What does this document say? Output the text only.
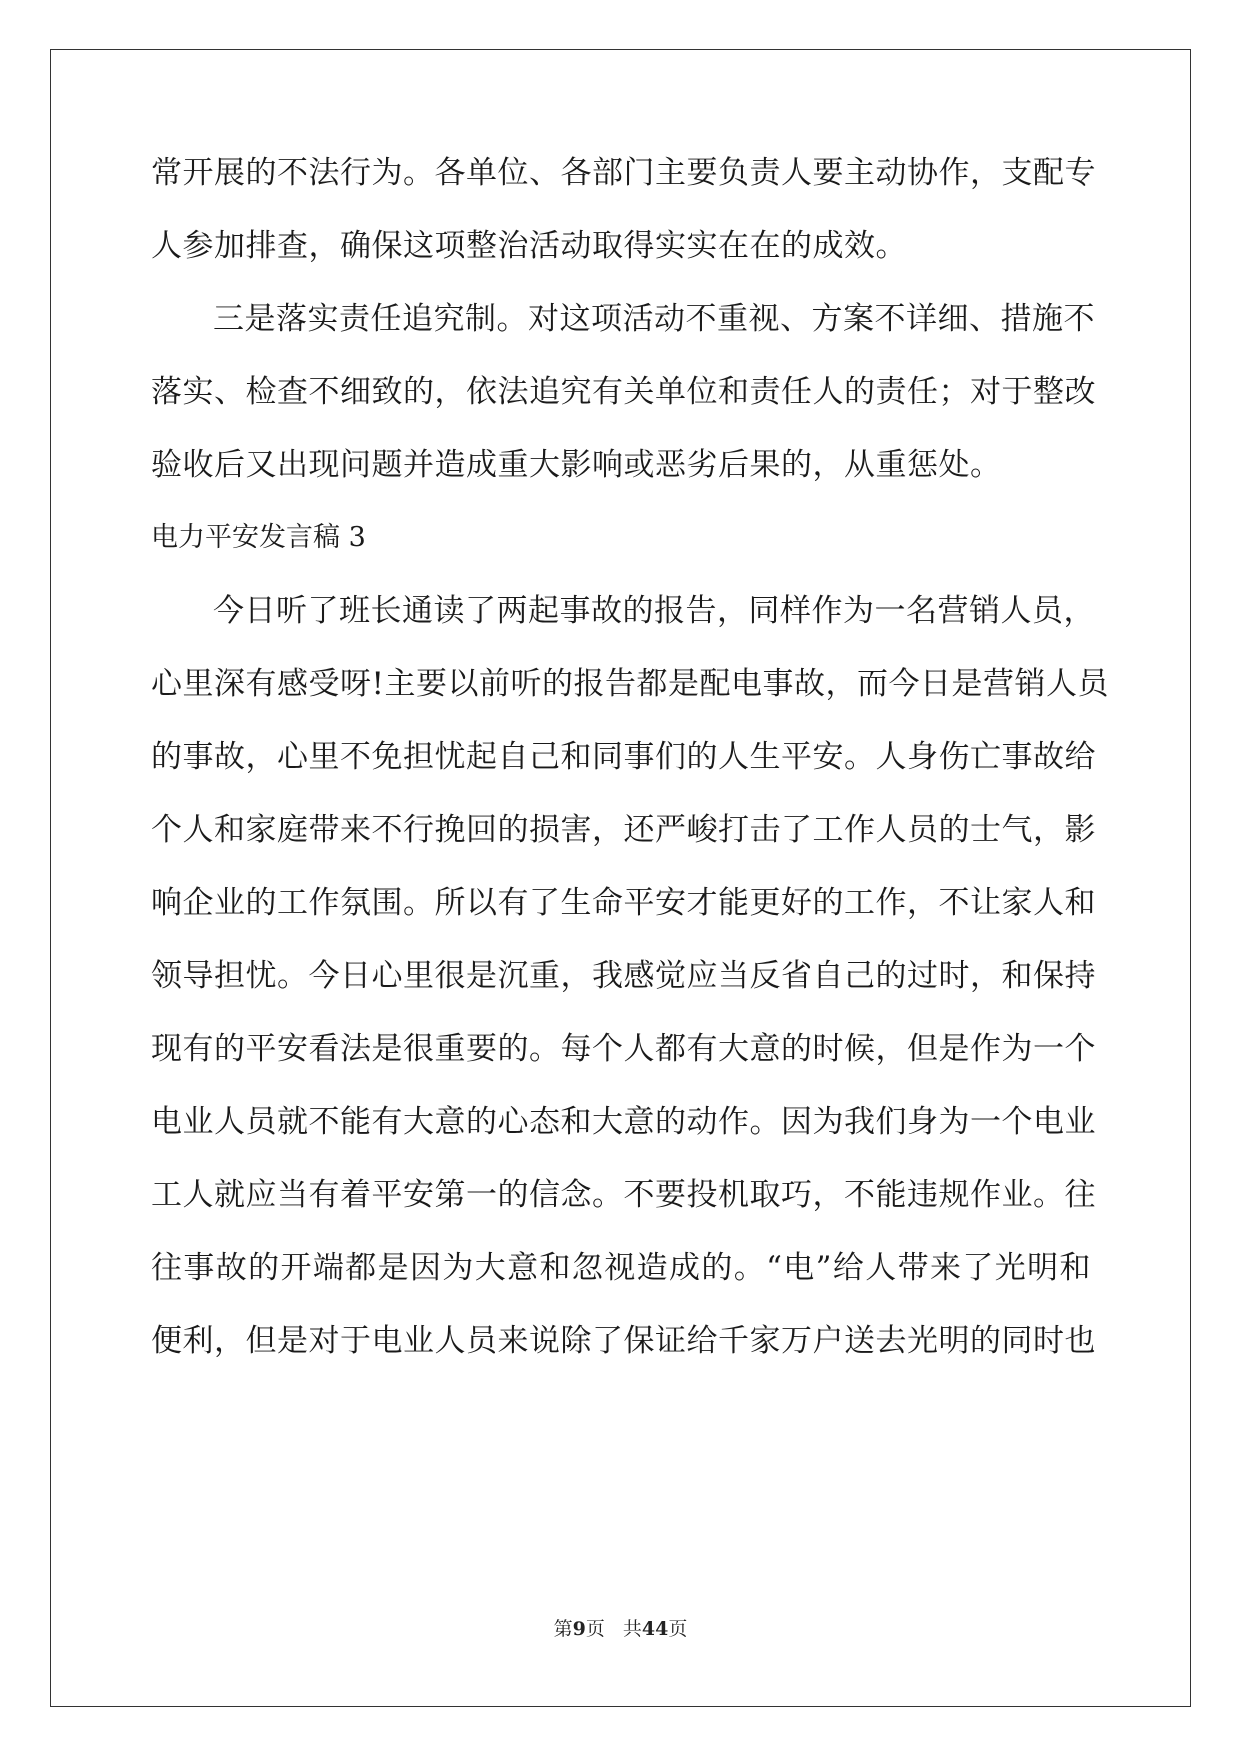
常开展的不法行为。各单位、各部门主要负责人要主动协作，支配专
人参加排查，确保这项整治活动取得实实在在的成效。
三是落实责任追究制。对这项活动不重视、方案不详细、措施不
落实、检查不细致的，依法追究有关单位和责任人的责任；对于整改
验收后又出现问题并造成重大影响或恶劣后果的，从重惩处。
电力平安发言稿 3
今日听了班长通读了两起事故的报告，同样作为一名营销人员，
心里深有感受呀!主要以前听的报告都是配电事故，而今日是营销人员
的事故，心里不免担忧起自己和同事们的人生平安。人身伤亡事故给
个人和家庭带来不行挽回的损害，还严峻打击了工作人员的士气，影
响企业的工作氛围。所以有了生命平安才能更好的工作，不让家人和
领导担忧。今日心里很是沉重，我感觉应当反省自己的过时，和保持
现有的平安看法是很重要的。每个人都有大意的时候，但是作为一个
电业人员就不能有大意的心态和大意的动作。因为我们身为一个电业
工人就应当有着平安第一的信念。不要投机取巧，不能违规作业。往
往事故的开端都是因为大意和忽视造成的。“电”给人带来了光明和
便利，但是对于电业人员来说除了保证给千家万户送去光明的同时也
第9页 共44页
